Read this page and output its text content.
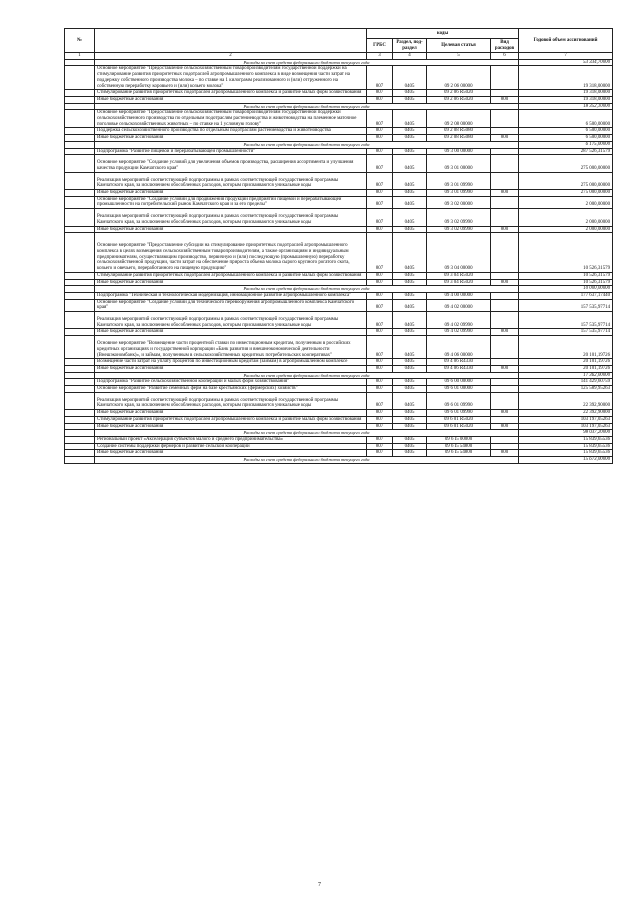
№		коды				Годовой объем ассигнований
		ГРБС	Раздел, под-раздел	Целевая статья	Вид расходов	
1	2	3	4	5	6	7
	Расходы за счет средств федерального бюджета текущего года					53 334,70000
	Основное мероприятие "Предоставление сельскохозяйственным товаропроизводителям государственной поддержки на стимулирование развития приоритетных подотраслей агропромышленного комплекса в виде возмещения части затрат на поддержку собственного производства молока – по ставке на 1 килограмм реализованного и (или) отгруженного на собственную переработку коровьего и (или) козьего молока"	807	0405	09 2 06 00000		19 318,00000
	Стимулирование развития приоритетных подотраслей агропромышленного комплекса и развитие малых форм хозяйствования	807	0405	09 2 06 R5020		19 318,00000
	Иные бюджетные ассигнования	807	0405	09 2 06 R5020	800	19 318,00000
	Расходы за счет средств федерального бюджета текущего года					18 352,10000
	Основное мероприятие "Предоставление сельскохозяйственным товаропроизводителям государственной поддержки сельскохозяйственного производства по отдельным подотраслям растениеводства и животноводства на племенное маточное поголовье сельскохозяйственных животных – по ставке на 1 условную голову"	807	0405	09 2 08 00000		6 500,00000
	Поддержка сельскохозяйственного производства по отдельным подотраслям растениеводства и животноводства	807	0405	09 2 08 R5080		6 500,00000
	Иные бюджетные ассигнования	807	0405	09 2 08 R5080	800	6 500,00000
	Расходы за счет средств федерального бюджета текущего года					6 175,00000
	Подпрограмма "Развитие пищевой и перерабатывающей промышленности"	807	0405	09 3 00 00000		287 526,31579
	Основное мероприятие "Создание условий для увеличения объемов производства, расширения ассортимента и улучшения качества продукции Камчатского края"	807	0405	09 3 01 00000		275 000,00000
	Реализация мероприятий соответствующей подпрограммы в рамках соответствующей государственной программы Камчатского края, за исключением обособленных расходов, которым присваиваются уникальные коды	807	0405	09 3 01 09990		275 000,00000
	Иные бюджетные ассигнования	807	0405	09 3 01 09990	800	275 000,00000
	Основное мероприятие "Создание условий для продвижения продукции предприятий пищевой и перерабатывающей промышленности на потребительский рынок Камчатского края и за его пределы"	807	0405	09 3 02 00000		2 000,00000
	Реализация мероприятий соответствующей подпрограммы в рамках соответствующей государственной программы Камчатского края, за исключением обособленных расходов, которым присваиваются уникальные коды	807	0405	09 3 02 09990		2 000,00000
	Иные бюджетные ассигнования	807	0405	09 3 02 09990	800	2 000,00000
	Основное мероприятие "Предоставление субсидии на стимулирование приоритетных подотраслей агропромышленного комплекса в целях возмещения сельскохозяйственным товаропроизводителям, а также организациям и индивидуальным предпринимателям, осуществляющим производство, первичную и (или) последующую (промышленную) переработку сельскохозяйственной продукции, части затрат на обеспечение прироста объема молока сырого крупного рогатого скота, козьего и овечьего, переработанного на пищевую продукцию"	807	0405	09 3 04 00000		10 526,31579
	Стимулирование развития приоритетных подотраслей агропромышленного комплекса и развитие малых форм хозяйствования	807	0405	09 3 04 R5020		10 526,31579
	Иные бюджетные ассигнования	807	0405	09 3 04 R5020	800	10 526,31579
	Расходы за счет средств федерального бюджета текущего года					10 000,00000
	Подпрограмма "Техническая и технологическая модернизация, инновационное развитие агропромышленного комплекса"	807	0405	09 4 00 00000		177 637,17440
	Основное мероприятие "Создание условий для технического перевооружения агропромышленного комплекса Камчатского края"	807	0405	09 4 02 00000		157 535,97714
	Реализация мероприятий соответствующей подпрограммы в рамках соответствующей государственной программы Камчатского края, за исключением обособленных расходов, которым присваиваются уникальные коды	807	0405	09 4 02 09990		157 535,97714
	Иные бюджетные ассигнования	807	0405	09 4 02 09990	800	157 535,97714
	Основное мероприятие "Возмещение части процентной ставки по инвестиционным кредитам, полученным в российских кредитных организациях и государственной корпорации «Банк развития и внешнеэкономической деятельности (Внешэкономбанк)», и займам, полученным в сельскохозяйственных кредитных потребительских кооперативах"	807	0405	09 4 06 00000		20 101,19726
	Возмещение части затрат на уплату процентов по инвестиционным кредитам (займам) в агропромышленном комплексе	807	0405	09 4 06 R4330		20 101,19726
	Иные бюджетные ассигнования	807	0405	09 4 06 R4330	800	20 101,19726
	Расходы за счет средств федерального бюджета текущего года					17 362,00000
	Подпрограмма "Развитие сельскохозяйственной кооперации и малых форм хозяйствования"	807	0405	09 6 00 00000		141 429,60759
	Основное мероприятие "Развитие семейных ферм на базе крестьянских (фермерских) хозяйств"	807	0405	09 6 01 00000		125 589,95263
	Реализация мероприятий соответствующей подпрограммы в рамках соответствующей государственной программы Камчатского края, за исключением обособленных расходов, которым присваиваются уникальные коды	807	0405	09 6 01 09990		22 392,90000
	Иные бюджетные ассигнования	807	0405	09 6 01 09990	800	22 392,90000
	Стимулирование развития приоритетных подотраслей агропромышленного комплекса и развитие малых форм хозяйствования	807	0405	09 6 01 R5020		103 197,05263
	Иные бюджетные ассигнования	807	0405	09 6 01 R5020	800	103 197,05263
	Расходы за счет средств федерального бюджета текущего года					98 037,20000
	Региональный проект «Акселерация субъектов малого и среднего предпринимательства»	807	0405	09 6 I5 00000		15 839,65536
	Создание системы поддержки фермеров и развитие сельской кооперации	807	0405	09 6 I5 54800		15 839,65536
	Иные бюджетные ассигнования	807	0405	09 6 I5 54800	800	15 839,65536
	Расходы за счет средств федерального бюджета текущего года					15 673,00000
7
